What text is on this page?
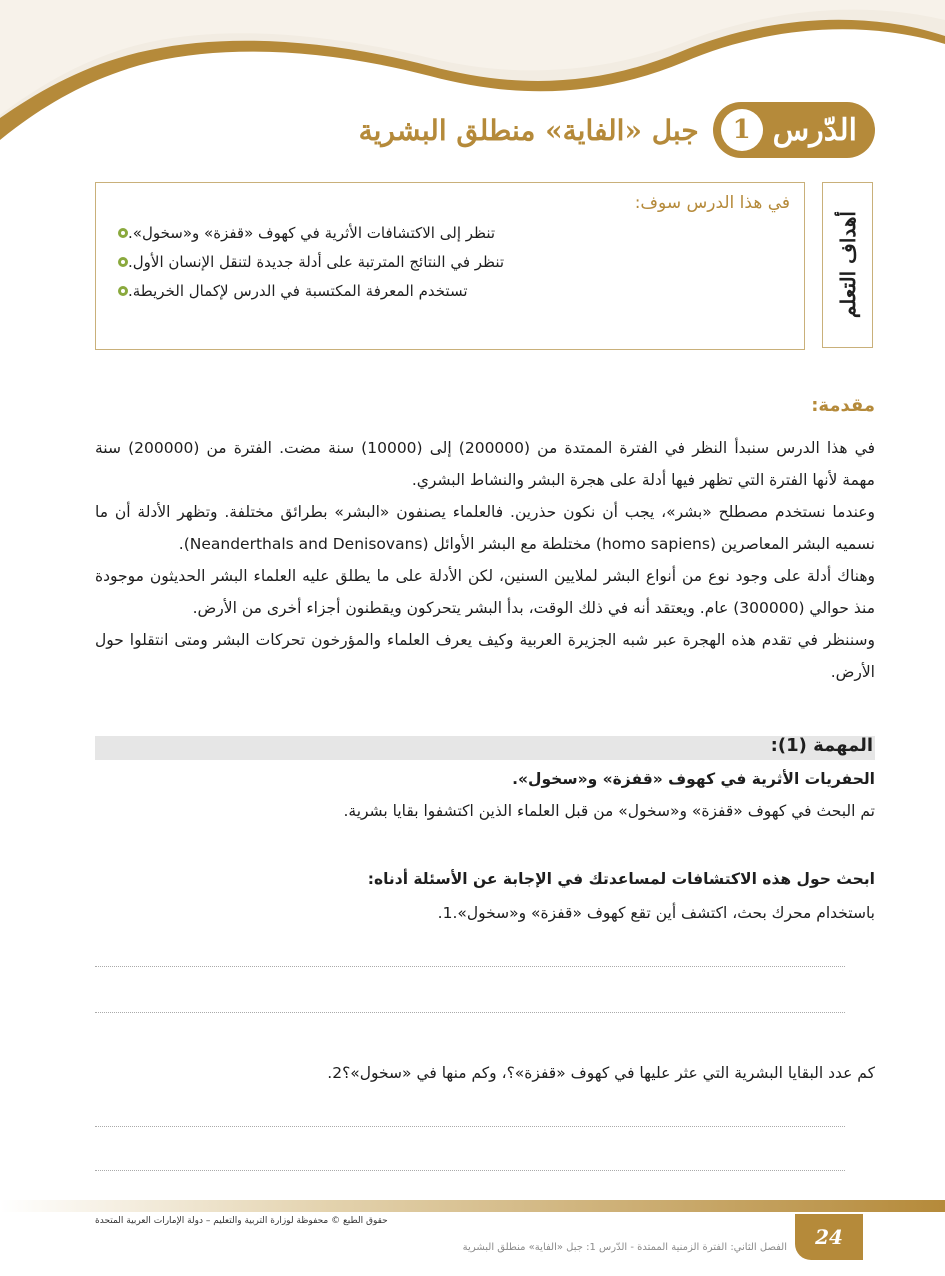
الدّرس
1
جبل «الفاية» منطلق البشرية
أهداف التعلم
في هذا الدرس سوف:
تنظر إلى الاكتشافات الأثرية في كهوف «قفزة» و«سخول».
تنظر في النتائج المترتبة على أدلة جديدة لتنقل الإنسان الأول.
تستخدم المعرفة المكتسبة في الدرس لإكمال الخريطة.
مقدمة:

في هذا الدرس سنبدأ النظر في الفترة الممتدة من (200000) إلى (10000) سنة مضت. الفترة من (200000) سنة مهمة لأنها الفترة التي تظهر فيها أدلة على هجرة البشر والنشاط البشري.

وعندما نستخدم مصطلح «بشر»، يجب أن نكون حذرين. فالعلماء يصنفون «البشر» بطرائق مختلفة. وتظهر الأدلة أن ما نسميه البشر المعاصرين (homo sapiens) مختلطة مع البشر الأوائل (Neanderthals and Denisovans).

وهناك أدلة على وجود نوع من أنواع البشر لملايين السنين، لكن الأدلة على ما يطلق عليه العلماء البشر الحديثون موجودة منذ حوالي (300000) عام. ويعتقد أنه في ذلك الوقت، بدأ البشر يتحركون ويقطنون أجزاء أخرى من الأرض.

وسننظر في تقدم هذه الهجرة عبر شبه الجزيرة العربية وكيف يعرف العلماء والمؤرخون تحركات البشر ومتى انتقلوا حول الأرض.

المهمة (1):
الحفريات الأثرية في كهوف «قفزة» و«سخول».
تم البحث في كهوف «قفزة» و«سخول» من قبل العلماء الذين اكتشفوا بقايا بشرية.
ابحث حول هذه الاكتشافات لمساعدتك في الإجابة عن الأسئلة أدناه:
1. باستخدام محرك بحث، اكتشف أين تقع كهوف «قفزة» و«سخول».
2. كم عدد البقايا البشرية التي عثر عليها في كهوف «قفزة»؟، وكم منها في «سخول»؟
حقوق الطبع © محفوظة لوزارة التربية والتعليم – دولة الإمارات العربية المتحدة
24
الفصل الثاني: الفترة الزمنية الممتدة - الدّرس 1: جبل «الفاية» منطلق البشرية
